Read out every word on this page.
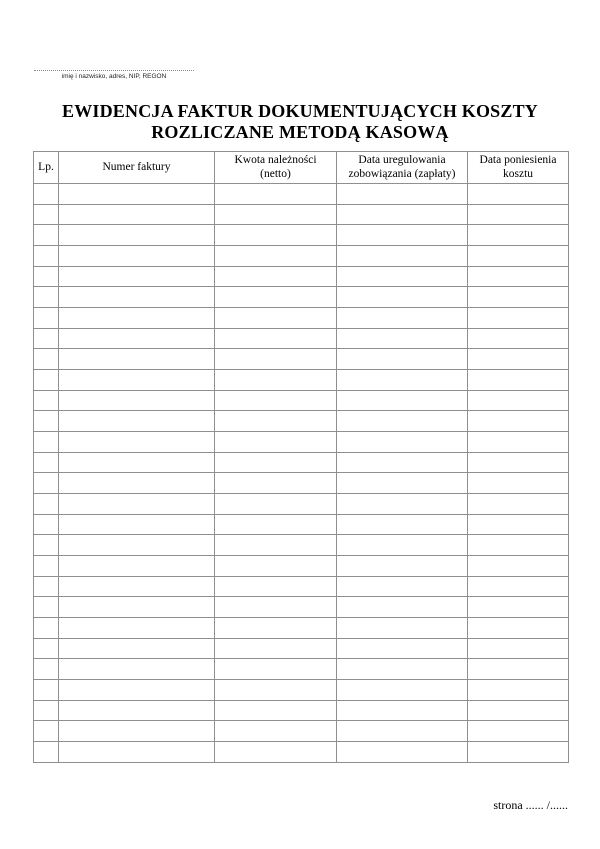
imię i nazwisko, adres, NIP, REGON
EWIDENCJA FAKTUR DOKUMENTUJĄCYCH KOSZTY
ROZLICZANE METODĄ KASOWĄ
Lp.	Numer faktury	Kwota należności (netto)	Data uregulowania zobowiązania (zapłaty)	Data poniesienia kosztu

strona ...... /......
